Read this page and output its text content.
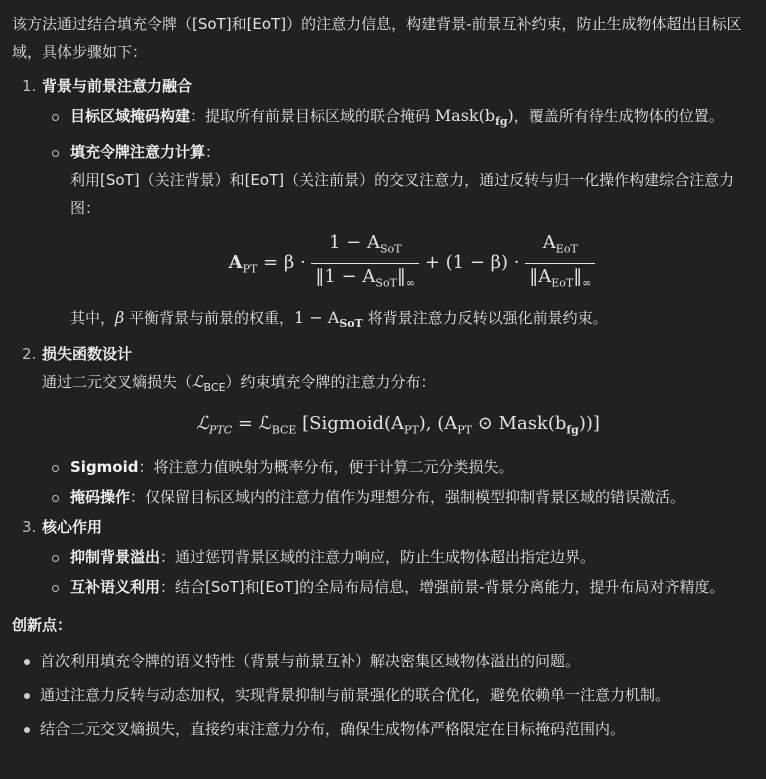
该方法通过结合填充令牌（[SoT]和[EoT]）的注意力信息，构建背景-前景互补约束，防止生成物体超出目标区域，具体步骤如下：

1. 背景与前景注意力融合
目标区域掩码构建：提取所有前景目标区域的联合掩码 $Mask(b_{fg})$，覆盖所有待生成物体的位置。
填充令牌注意力计算：
利用[SoT]（关注背景）和[EoT]（关注前景）的交叉注意力，通过反转与归一化操作构建综合注意力图：
$A_{PT} = \beta \cdot \frac{1 - A_{SoT}}{‖1 - A_{SoT}‖_\infty} + (1 - \beta) \cdot \frac{A_{EoT}}{‖A_{EoT}‖_\infty}$
其中，β 平衡背景与前景的权重，$1 - A_{SoT}$ 将背景注意力反转以强化前景约束。
2. 损失函数设计
通过二元交叉熵损失（ℒ$_{BCE}$）约束填充令牌的注意力分布：
ℒ$_{PTC}$ = ℒ$_{BCE}$ [$Sigmoid(A_{PT})$, ($A_{PT}$ ⊙ $Mask(b_{fg})$)]
Sigmoid：将注意力值映射为概率分布，便于计算二元分类损失。
掩码操作：仅保留目标区域内的注意力值作为理想分布，强制模型抑制背景区域的错误激活。
3. 核心作用
抑制背景溢出：通过惩罚背景区域的注意力响应，防止生成物体超出指定边界。
互补语义利用：结合[SoT]和[EoT]的全局布局信息，增强前景-背景分离能力，提升布局对齐精度。
创新点：
首次利用填充令牌的语义特性（背景与前景互补）解决密集区域物体溢出的问题。
通过注意力反转与动态加权，实现背景抑制与前景强化的联合优化，避免依赖单一注意力机制。
结合二元交叉熵损失，直接约束注意力分布，确保生成物体严格限定在目标掩码范围内。
